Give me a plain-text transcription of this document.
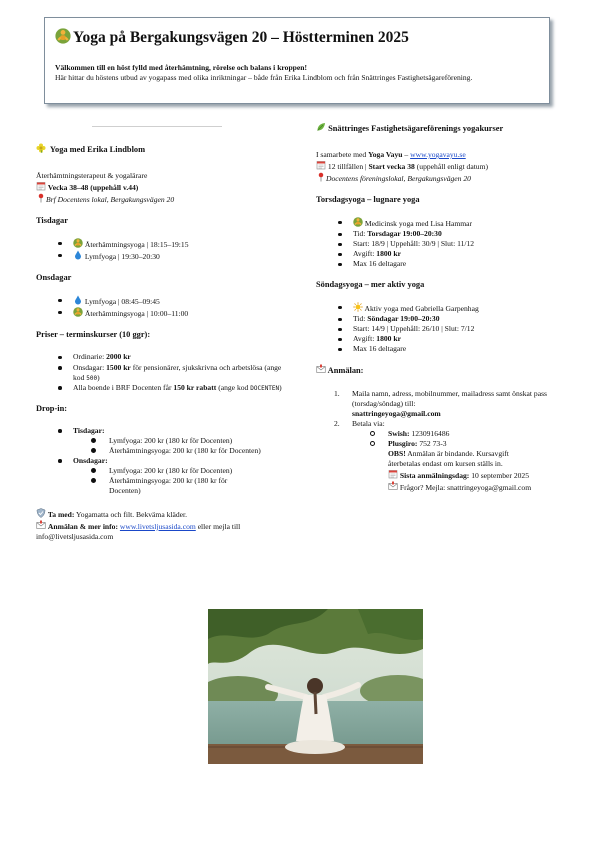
Yoga på Bergakungsvägen 20 – Höstterminen 2025
Välkommen till en höst fylld med återhämtning, rörelse och balans i kroppen!
Här hittar du höstens utbud av yogapass med olika inriktningar – både från Erika Lindblom och från Snättringes Fastighetsägareförening.
Yoga med Erika Lindblom
Återhämtningsterapeut & yogalärare
Vecka 38–48 (uppehåll v.44)
Brf Docentens lokal, Bergakungsvägen 20
Tisdagar
Återhämtningsyoga | 18:15–19:15
Lymfyoga | 19:30–20:30
Onsdagar
Lymfyoga | 08:45–09:45
Återhämtningsyoga | 10:00–11:00
Priser – terminskurser (10 ggr):
Ordinarie: 2000 kr
Onsdagar: 1500 kr för pensionärer, sjukskrivna och arbetslösa (ange kod 500)
Alla boende i BRF Docenten får 150 kr rabatt (ange kod DOCENTEN)
Drop-in:
Tisdagar:
Lymfyoga: 200 kr (180 kr för Docenten)
Återhämtningsyoga: 200 kr (180 kr för Docenten)
Onsdagar:
Lymfyoga: 200 kr (180 kr för Docenten)
Återhämtningsyoga: 200 kr (180 kr för Docenten)
Ta med: Yogamatta och filt. Bekväma kläder.
Anmälan & mer info: www.livetsljusasida.com eller mejla till info@livetsljusasida.com
Snättringes Fastighetsägareförenings yogakurser
I samarbete med Yoga Vayu – www.yogavayu.se
12 tillfällen | Start vecka 38 (uppehåll enligt datum)
Docentens föreningslokal, Bergakungsvägen 20
Torsdagsyoga – lugnare yoga
Medicinsk yoga med Lisa Hammar
Tid: Torsdagar 19:00–20:30
Start: 18/9 | Uppehåll: 30/9 | Slut: 11/12
Avgift: 1800 kr
Max 16 deltagare
Söndagsyoga – mer aktiv yoga
Aktiv yoga med Gabriella Garpenhag
Tid: Söndagar 19:00–20:30
Start: 14/9 | Uppehåll: 26/10 | Slut: 7/12
Avgift: 1800 kr
Max 16 deltagare
Anmälan:
1. Maila namn, adress, mobilnummer, mailadress samt önskat pass (torsdag/söndag) till:
snattringeyoga@gmail.com
2. Betala via:
Swish: 1230916486
Plusgiro: 752 73-3
OBS! Anmälan är bindande. Kursavgift återbetalas endast om kursen ställs in.
Sista anmälningsdag: 10 september 2025
Frågor? Mejla: snattringeyoga@gmail.com
